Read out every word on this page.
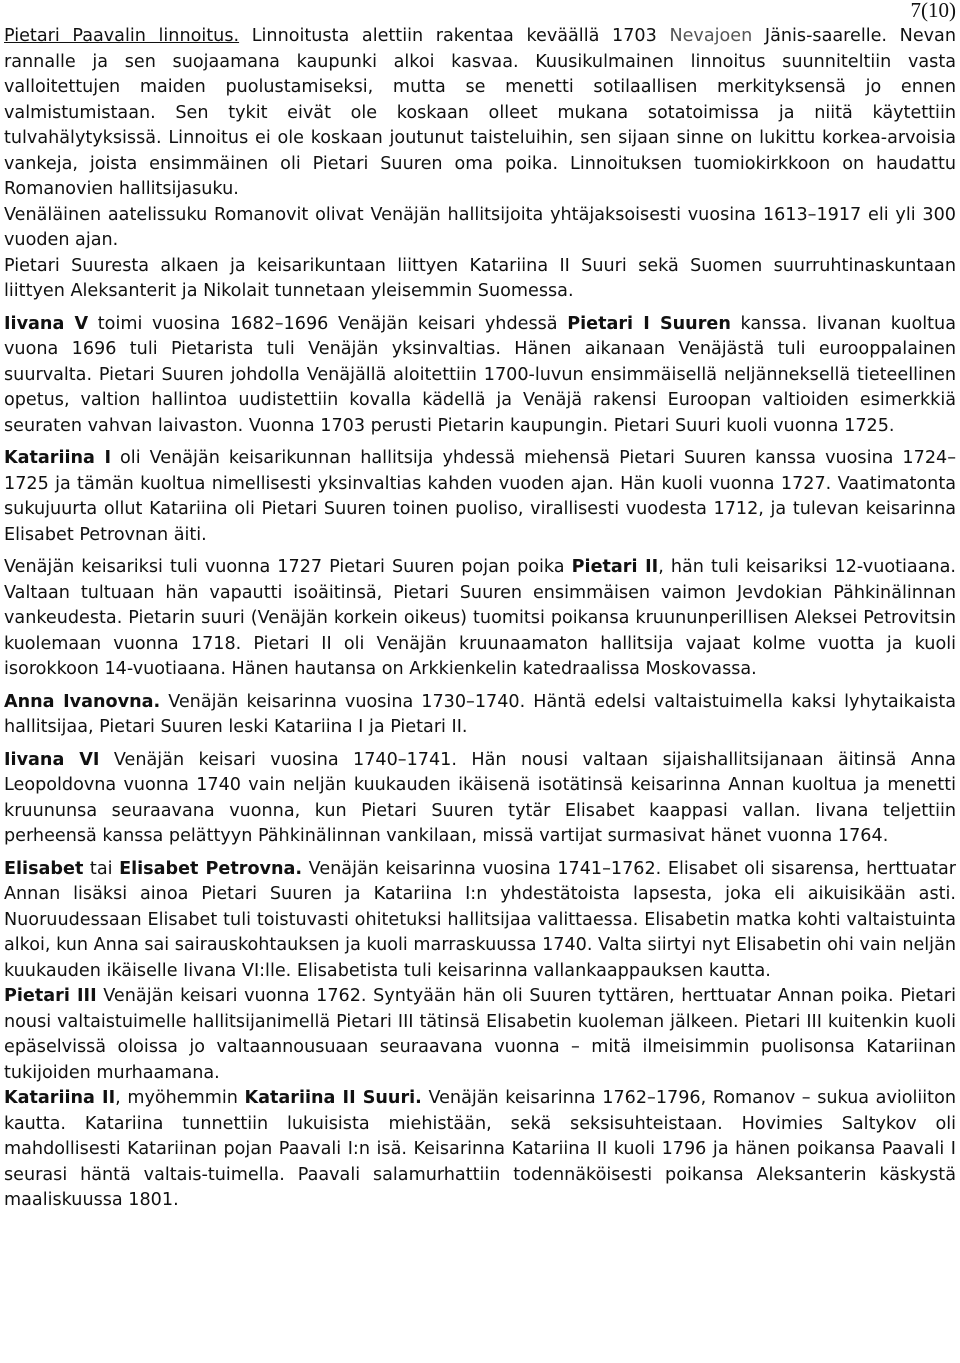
7(10)

Pietari Paavalin linnoitus. Linnoitusta alettiin rakentaa keväällä 1703 Nevajoen Jänis-saarelle. Nevan rannalle ja sen suojaamana kaupunki alkoi kasvaa. Kuusikulmainen linnoitus suunniteltiin vasta valloitettujen maiden puolustamiseksi, mutta se menetti sotilaallisen merkityksensä jo ennen valmistumistaan. Sen tykit eivät ole koskaan olleet mukana sotatoimissa ja niitä käytettiin tulvahälytyksissä. Linnoitus ei ole koskaan joutunut taisteluihin, sen sijaan sinne on lukittu korkea-arvoisia vankeja, joista ensimmäinen oli Pietari Suuren oma poika. Linnoituksen tuomiokirkkoon on haudattu Romanovien hallitsijasuku.

Venäläinen aatelissuku Romanovit olivat Venäjän hallitsijoita yhtäjaksoisesti vuosina 1613–1917 eli yli 300 vuoden ajan.

Pietari Suuresta alkaen ja keisarikuntaan liittyen Katariina II Suuri sekä Suomen suurruhtinaskuntaan liittyen Aleksanterit ja Nikolait tunnetaan yleisemmin Suomessa.

Iivana V toimi vuosina 1682–1696 Venäjän keisari yhdessä Pietari I Suuren kanssa. Iivanan kuoltua vuona 1696 tuli Pietarista tuli Venäjän yksinvaltias. Hänen aikanaan Venäjästä tuli eurooppalainen suurvalta. Pietari Suuren johdolla Venäjällä aloitettiin 1700-luvun ensimmäisellä neljänneksellä tieteellinen opetus, valtion hallintoa uudistettiin kovalla kädellä ja Venäjä rakensi Euroopan valtioiden esimerkkiä seuraten vahvan laivaston. Vuonna 1703 perusti Pietarin kaupungin. Pietari Suuri kuoli vuonna 1725.

Katariina I oli Venäjän keisarikunnan hallitsija yhdessä miehensä Pietari Suuren kanssa vuosina 1724–1725 ja tämän kuoltua nimellisesti yksinvaltias kahden vuoden ajan. Hän kuoli vuonna 1727. Vaatimatonta sukujuurta ollut Katariina oli Pietari Suuren toinen puoliso, virallisesti vuodesta 1712, ja tulevan keisarinna Elisabet Petrovnan äiti.

Venäjän keisariksi tuli vuonna 1727 Pietari Suuren pojan poika Pietari II, hän tuli keisariksi 12-vuotiaana. Valtaan tultuaan hän vapautti isoäitinsä, Pietari Suuren ensimmäisen vaimon Jevdokian Pähkinälinnan vankeudesta. Pietarin suuri (Venäjän korkein oikeus) tuomitsi poikansa kruununperillisen Aleksei Petrovitsin kuolemaan vuonna 1718. Pietari II oli Venäjän kruunaamaton hallitsija vajaat kolme vuotta ja kuoli isorokkoon 14-vuotiaana. Hänen hautansa on Arkkienkelin katedraalissa Moskovassa.

Anna Ivanovna. Venäjän keisarinna vuosina 1730–1740. Häntä edelsi valtaistuimella kaksi lyhytaikaista hallitsijaa, Pietari Suuren leski Katariina I ja Pietari II.

Iivana VI Venäjän keisari vuosina 1740–1741. Hän nousi valtaan sijaishallitsijanaan äitinsä Anna Leopoldovna vuonna 1740 vain neljän kuukauden ikäisenä isotätinsä keisarinna Annan kuoltua ja menetti kruununsa seuraavana vuonna, kun Pietari Suuren tytär Elisabet kaappasi vallan. Iivana teljettiin perheensä kanssa pelättyyn Pähkinälinnan vankilaan, missä vartijat surmasivat hänet vuonna 1764.

Elisabet tai Elisabet Petrovna. Venäjän keisarinna vuosina 1741–1762. Elisabet oli sisarensa, herttuatar Annan lisäksi ainoa Pietari Suuren ja Katariina I:n yhdestätoista lapsesta, joka eli aikuisikään asti. Nuoruudessaan Elisabet tuli toistuvasti ohitetuksi hallitsijaa valittaessa. Elisabetin matka kohti valtaistuinta alkoi, kun Anna sai sairauskohtauksen ja kuoli marraskuussa 1740. Valta siirtyi nyt Elisabetin ohi vain neljän kuukauden ikäiselle Iivana VI:lle. Elisabetista tuli keisarinna vallankaappauksen kautta.

Pietari III Venäjän keisari vuonna 1762. Syntyään hän oli Suuren tyttären, herttuatar Annan poika. Pietari nousi valtaistuimelle hallitsijanimellä Pietari III tätinsä Elisabetin kuoleman jälkeen. Pietari III kuitenkin kuoli epäselvissä oloissa jo valtaannousuaan seuraavana vuonna – mitä ilmeisimmin puolisonsa Katariinan tukijoiden murhaamana.

Katariina II, myöhemmin Katariina II Suuri. Venäjän keisarinna 1762–1796, Romanov – sukua avioliiton kautta. Katariina tunnettiin lukuisista miehistään, sekä seksisuhteistaan. Hovimies Saltykov oli mahdollisesti Katariinan pojan Paavali I:n isä. Keisarinna Katariina II kuoli 1796 ja hänen poikansa Paavali I seurasi häntä valtais-tuimella. Paavali salamurhattiin todennäköisesti poikansa Aleksanterin käskystä maaliskuussa 1801.
